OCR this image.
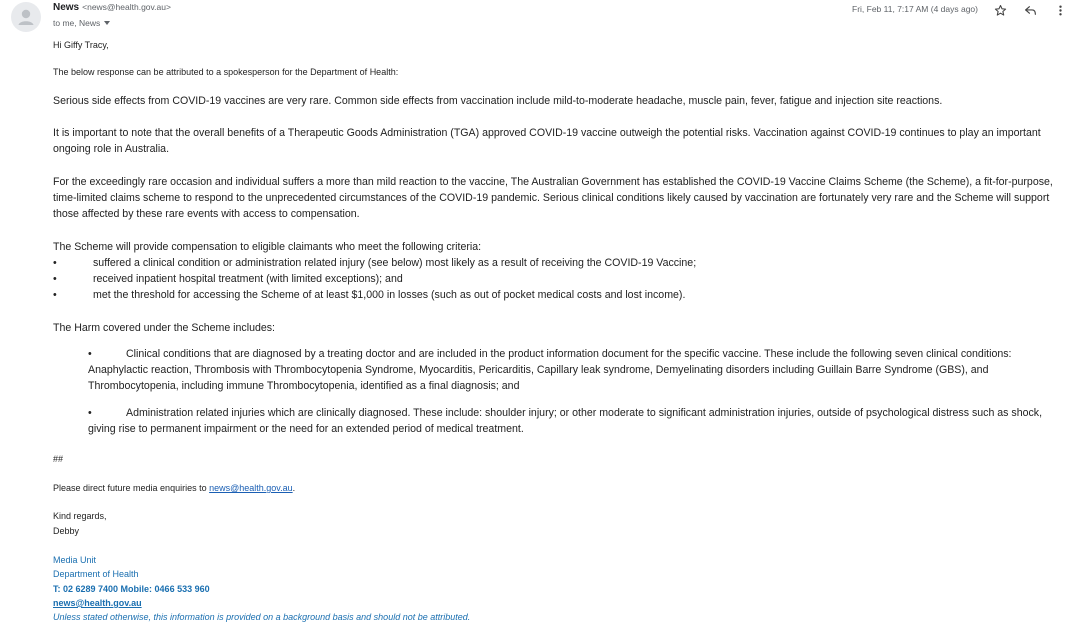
News <news@health.gov.au>
to me, News
Fri, Feb 11, 7:17 AM (4 days ago)

Hi Giffy Tracy,

The below response can be attributed to a spokesperson for the Department of Health:

Serious side effects from COVID-19 vaccines are very rare. Common side effects from vaccination include mild-to-moderate headache, muscle pain, fever, fatigue and injection site reactions.

It is important to note that the overall benefits of a Therapeutic Goods Administration (TGA) approved COVID-19 vaccine outweigh the potential risks. Vaccination against COVID-19 continues to play an important ongoing role in Australia.

For the exceedingly rare occasion and individual suffers a more than mild reaction to the vaccine, The Australian Government has established the COVID-19 Vaccine Claims Scheme (the Scheme), a fit-for-purpose, time-limited claims scheme to respond to the unprecedented circumstances of the COVID-19 pandemic. Serious clinical conditions likely caused by vaccination are fortunately very rare and the Scheme will support those affected by these rare events with access to compensation.

The Scheme will provide compensation to eligible claimants who meet the following criteria:

•	suffered a clinical condition or administration related injury (see below) most likely as a result of receiving the COVID-19 Vaccine;
•	received inpatient hospital treatment (with limited exceptions); and
•	met the threshold for accessing the Scheme of at least $1,000 in losses (such as out of pocket medical costs and lost income).

The Harm covered under the Scheme includes:

•	Clinical conditions that are diagnosed by a treating doctor and are included in the product information document for the specific vaccine. These include the following seven clinical conditions: Anaphylactic reaction, Thrombosis with Thrombocytopenia Syndrome, Myocarditis, Pericarditis, Capillary leak syndrome, Demyelinating disorders including Guillain Barre Syndrome (GBS), and Thrombocytopenia, including immune Thrombocytopenia, identified as a final diagnosis; and

•	Administration related injuries which are clinically diagnosed. These include: shoulder injury; or other moderate to significant administration injuries, outside of psychological distress such as shock, giving rise to permanent impairment or the need for an extended period of medical treatment.

##

Please direct future media enquiries to news@health.gov.au.

Kind regards,

Debby

Media Unit
Department of Health
T: 02 6289 7400 Mobile: 0466 533 960
news@health.gov.au
Unless stated otherwise, this information is provided on a background basis and should not be attributed.
